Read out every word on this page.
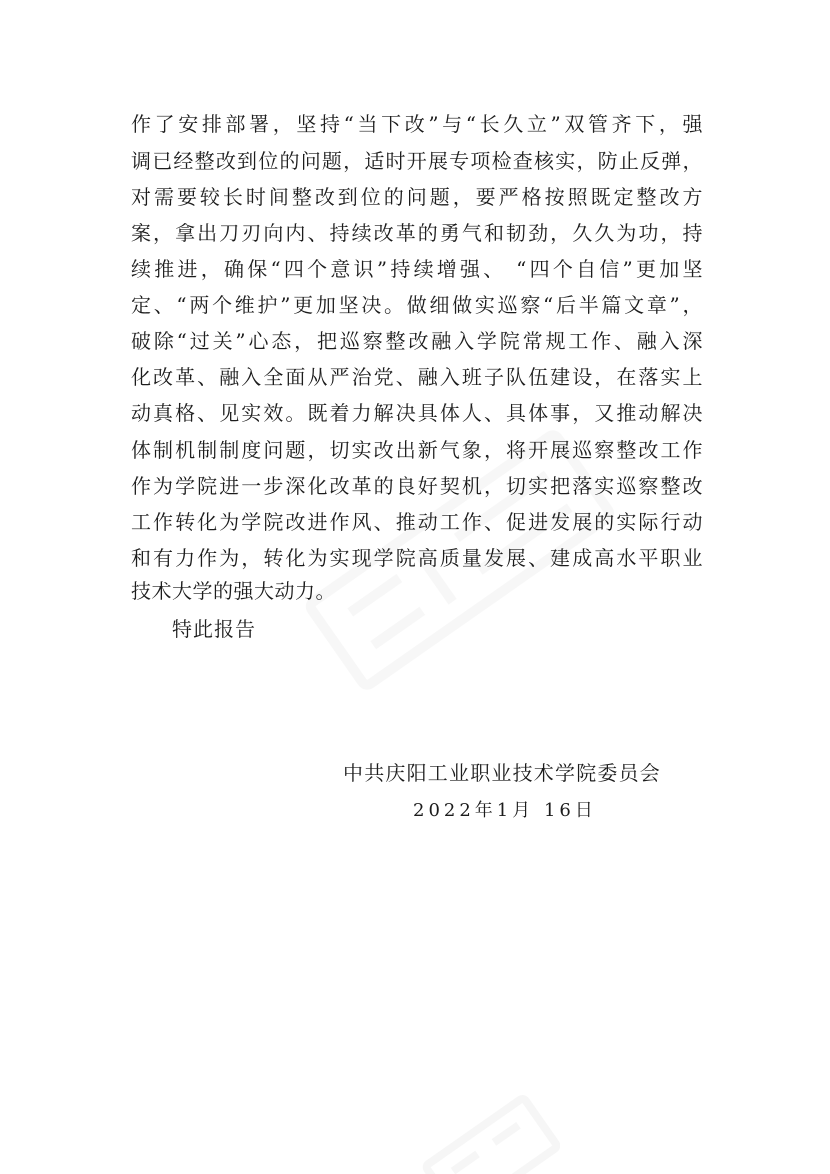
作了安排部署，坚持“当下改”与“长久立”双管齐下，强
调已经整改到位的问题，适时开展专项检查核实，防止反弹，
对需要较长时间整改到位的问题，要严格按照既定整改方
案，拿出刀刃向内、持续改革的勇气和韧劲，久久为功，持
续推进，确保“四个意识”持续增强、 “四个自信”更加坚
定、“两个维护”更加坚决。做细做实巡察“后半篇文章”，
破除“过关”心态，把巡察整改融入学院常规工作、融入深
化改革、融入全面从严治党、融入班子队伍建设，在落实上
动真格、见实效。既着力解决具体人、具体事，又推动解决
体制机制制度问题，切实改出新气象，将开展巡察整改工作
作为学院进一步深化改革的良好契机，切实把落实巡察整改
工作转化为学院改进作风、推动工作、促进发展的实际行动
和有力作为，转化为实现学院高质量发展、建成高水平职业
技术大学的强大动力。
特此报告
中共庆阳工业职业技术学院委员会
2022年1月 16日
